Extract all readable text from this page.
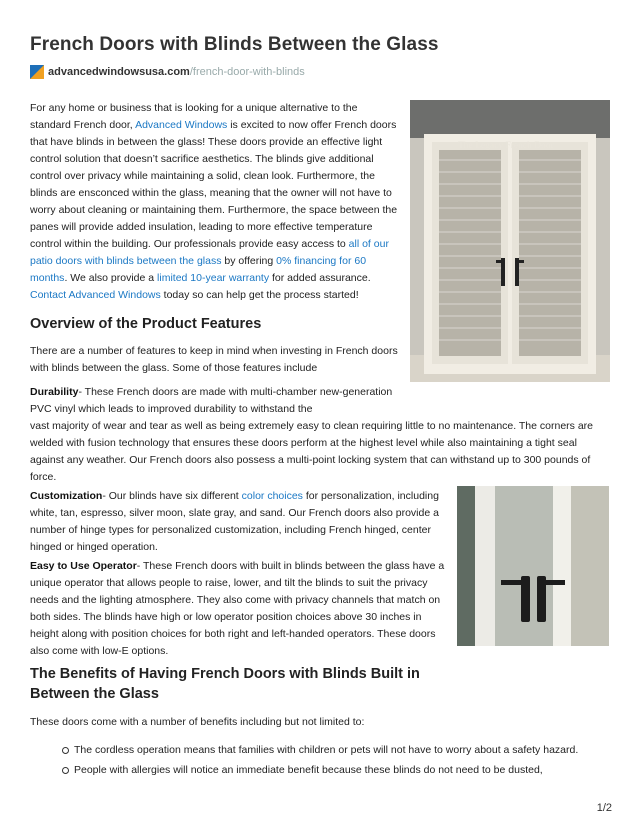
French Doors with Blinds Between the Glass
advancedwindowsusa.com /french-door-with-blinds

For any home or business that is looking for a unique alternative to the standard French door, Advanced Windows is excited to now offer French doors that have blinds in between the glass! These doors provide an effective light control solution that doesn’t sacrifice aesthetics. The blinds give additional control over privacy while maintaining a solid, clean look. Furthermore, the blinds are ensconced within the glass, meaning that the owner will not have to worry about cleaning or maintaining them. Furthermore, the space between the panes will provide added insulation, leading to more effective temperature control within the building. Our professionals provide easy access to all of our patio doors with blinds between the glass by offering 0% financing for 60 months. We also provide a limited 10-year warranty for added assurance. Contact Advanced Windows today so can help get the process started!

The Legacy French Door
Overview of the Product Features

There are a number of features to keep in mind when investing in French doors with blinds between the glass. Some of those features include

Durability- These French doors are made with multi-chamber new-generation PVC vinyl which leads to improved durability to withstand the

vast majority of wear and tear as well as being extremely easy to clean requiring little to no maintenance. The corners are welded with fusion technology that ensures these doors perform at the highest level while also maintaining a tight seal against any weather. Our French doors also possess a multi-point locking system that can withstand up to 300 pounds of force.

Customization- Our blinds have six different color choices for personalization, including white, tan, espresso, silver moon, slate gray, and sand. Our French doors also provide a number of hinge types for personalized customization, including French hinged, center hinged or hinged operation.

Easy to Use Operator- These French doors with built in blinds between the glass have a unique operator that allows people to raise, lower, and tilt the blinds to suit the privacy needs and the lighting atmosphere. They also come with privacy channels that match on both sides. The blinds have high or low operator position choices above 30 inches in height along with position choices for both right and left-handed operators. These doors also come with low-E options.

The Benefits of Having French Doors with Blinds Built in Between the Glass

These doors come with a number of benefits including but not limited to:

The cordless operation means that families with children or pets will not have to worry about a safety hazard.
People with allergies will notice an immediate benefit because these blinds do not need to be dusted,
1/2
